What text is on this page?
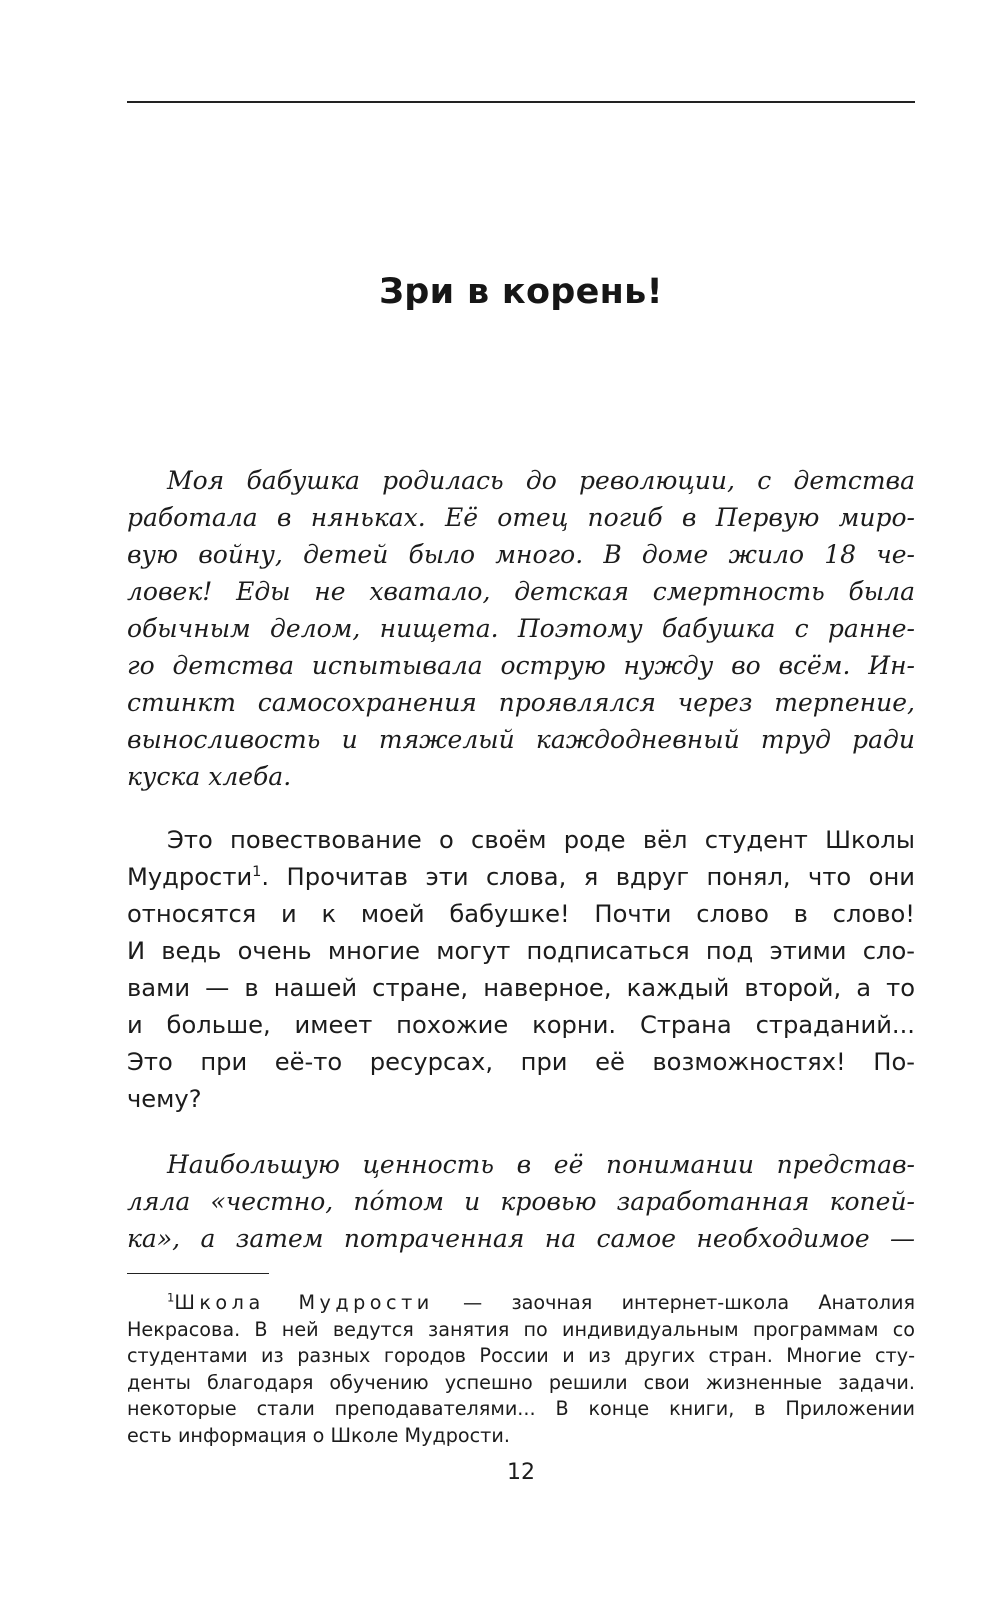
Зри в корень!
Моя бабушка родилась до революции, с детства
работала в няньках. Её отец погиб в Первую миро-
вую войну, детей было много. В доме жило 18 че-
ловек! Еды не хватало, детская смертность была
обычным делом, нищета. Поэтому бабушка с ранне-
го детства испытывала острую нужду во всём. Ин-
стинкт самосохранения проявлялся через терпение,
выносливость и тяжелый каждодневный труд ради
куска хлеба.
Это повествование о своём роде вёл студент Школы
Мудрости$^1$. Прочитав эти слова, я вдруг понял, что они
относятся и к моей бабушке! Почти слово в слово!
И ведь очень многие могут подписаться под этими сло-
вами — в нашей стране, наверное, каждый второй, а то
и больше, имеет похожие корни. Страна страданий...
Это при её-то ресурсах, при её возможностях! По-
чему?
Наибольшую ценность в её понимании представ-
ляла «честно, пóтом и кровью заработанная копей-
ка», а затем потраченная на самое необходимое —
$^1$Школа Мудрости — заочная интернет-школа Анатолия
Некрасова. В ней ведутся занятия по индивидуальным программам со
студентами из разных городов России и из других стран. Многие сту-
денты благодаря обучению успешно решили свои жизненные задачи.
некоторые стали преподавателями... В конце книги, в Приложении
есть информация о Школе Мудрости.
12
